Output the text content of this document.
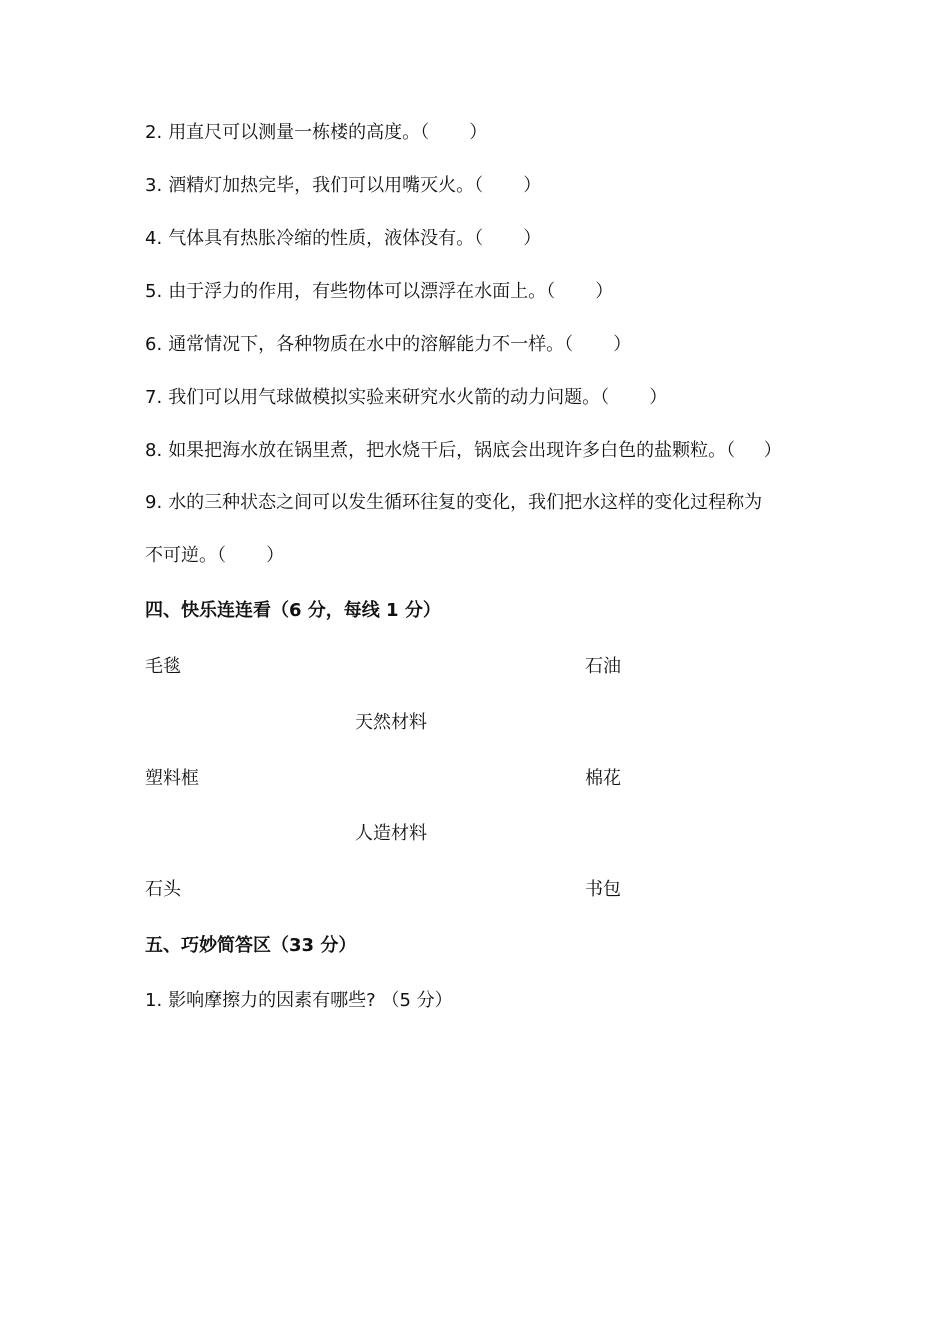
2. 用直尺可以测量一栋楼的高度。（ ）
3. 酒精灯加热完毕，我们可以用嘴灭火。（ ）
4. 气体具有热胀冷缩的性质，液体没有。（ ）
5. 由于浮力的作用，有些物体可以漂浮在水面上。（ ）
6. 通常情况下，各种物质在水中的溶解能力不一样。（ ）
7. 我们可以用气球做模拟实验来研究水火箭的动力问题。（ ）
8. 如果把海水放在锅里煮，把水烧干后，锅底会出现许多白色的盐颗粒。（ ）
9. 水的三种状态之间可以发生循环往复的变化，我们把水这样的变化过程称为
不可逆。（ ）
四、快乐连连看（6 分，每线 1 分）
毛毯	石油
天然材料
塑料框	棉花
人造材料
石头	书包
五、巧妙简答区（33 分）
1. 影响摩擦力的因素有哪些? （5 分）
